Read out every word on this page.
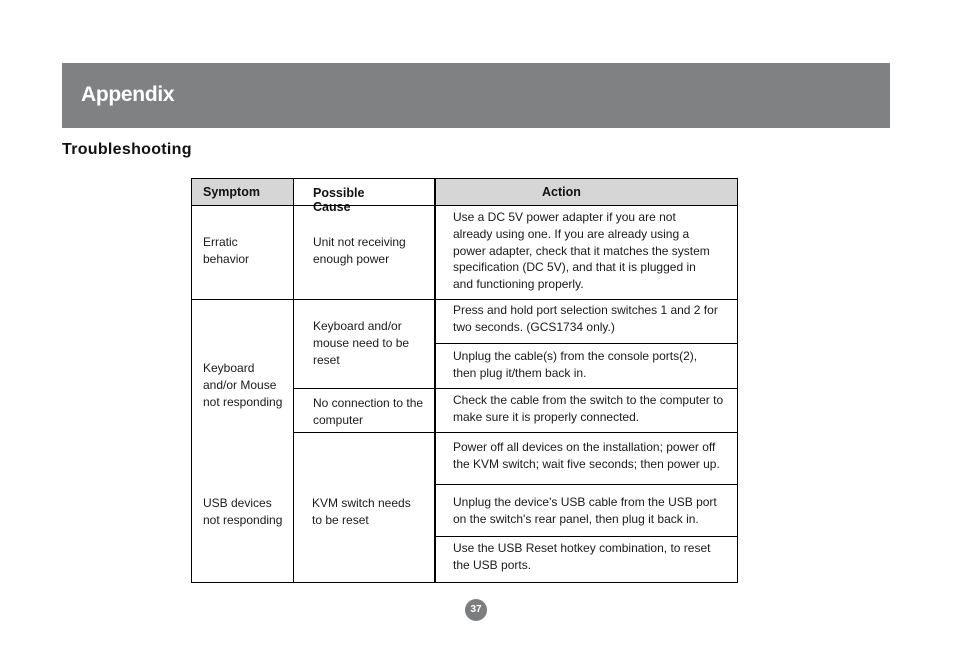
Appendix
Troubleshooting
Symptom	Possible Cause
Action
Erratic behavior
Keyboard and/or Mouse not responding
USB devices not responding
Unit not receiving enough power
Keyboard and/or mouse need to be reset
No connection to the computer
KVM switch needs to be reset
Use a DC 5V power adapter if you are not already using one. If you are already using a power adapter, check that it matches the system specification (DC 5V), and that it is plugged in and functioning properly.
Press and hold port selection switches 1 and 2 for two seconds. (GCS1734 only.)
Unplug the cable(s) from the console ports(2), then plug it/them back in.
Check the cable from the switch to the computer to make sure it is properly connected.
Power off all devices on the installation; power off the KVM switch; wait five seconds; then power up.
Unplug the device's USB cable from the USB port on the switch's rear panel, then plug it back in.
Use the USB Reset hotkey combination, to reset the USB ports.
37
